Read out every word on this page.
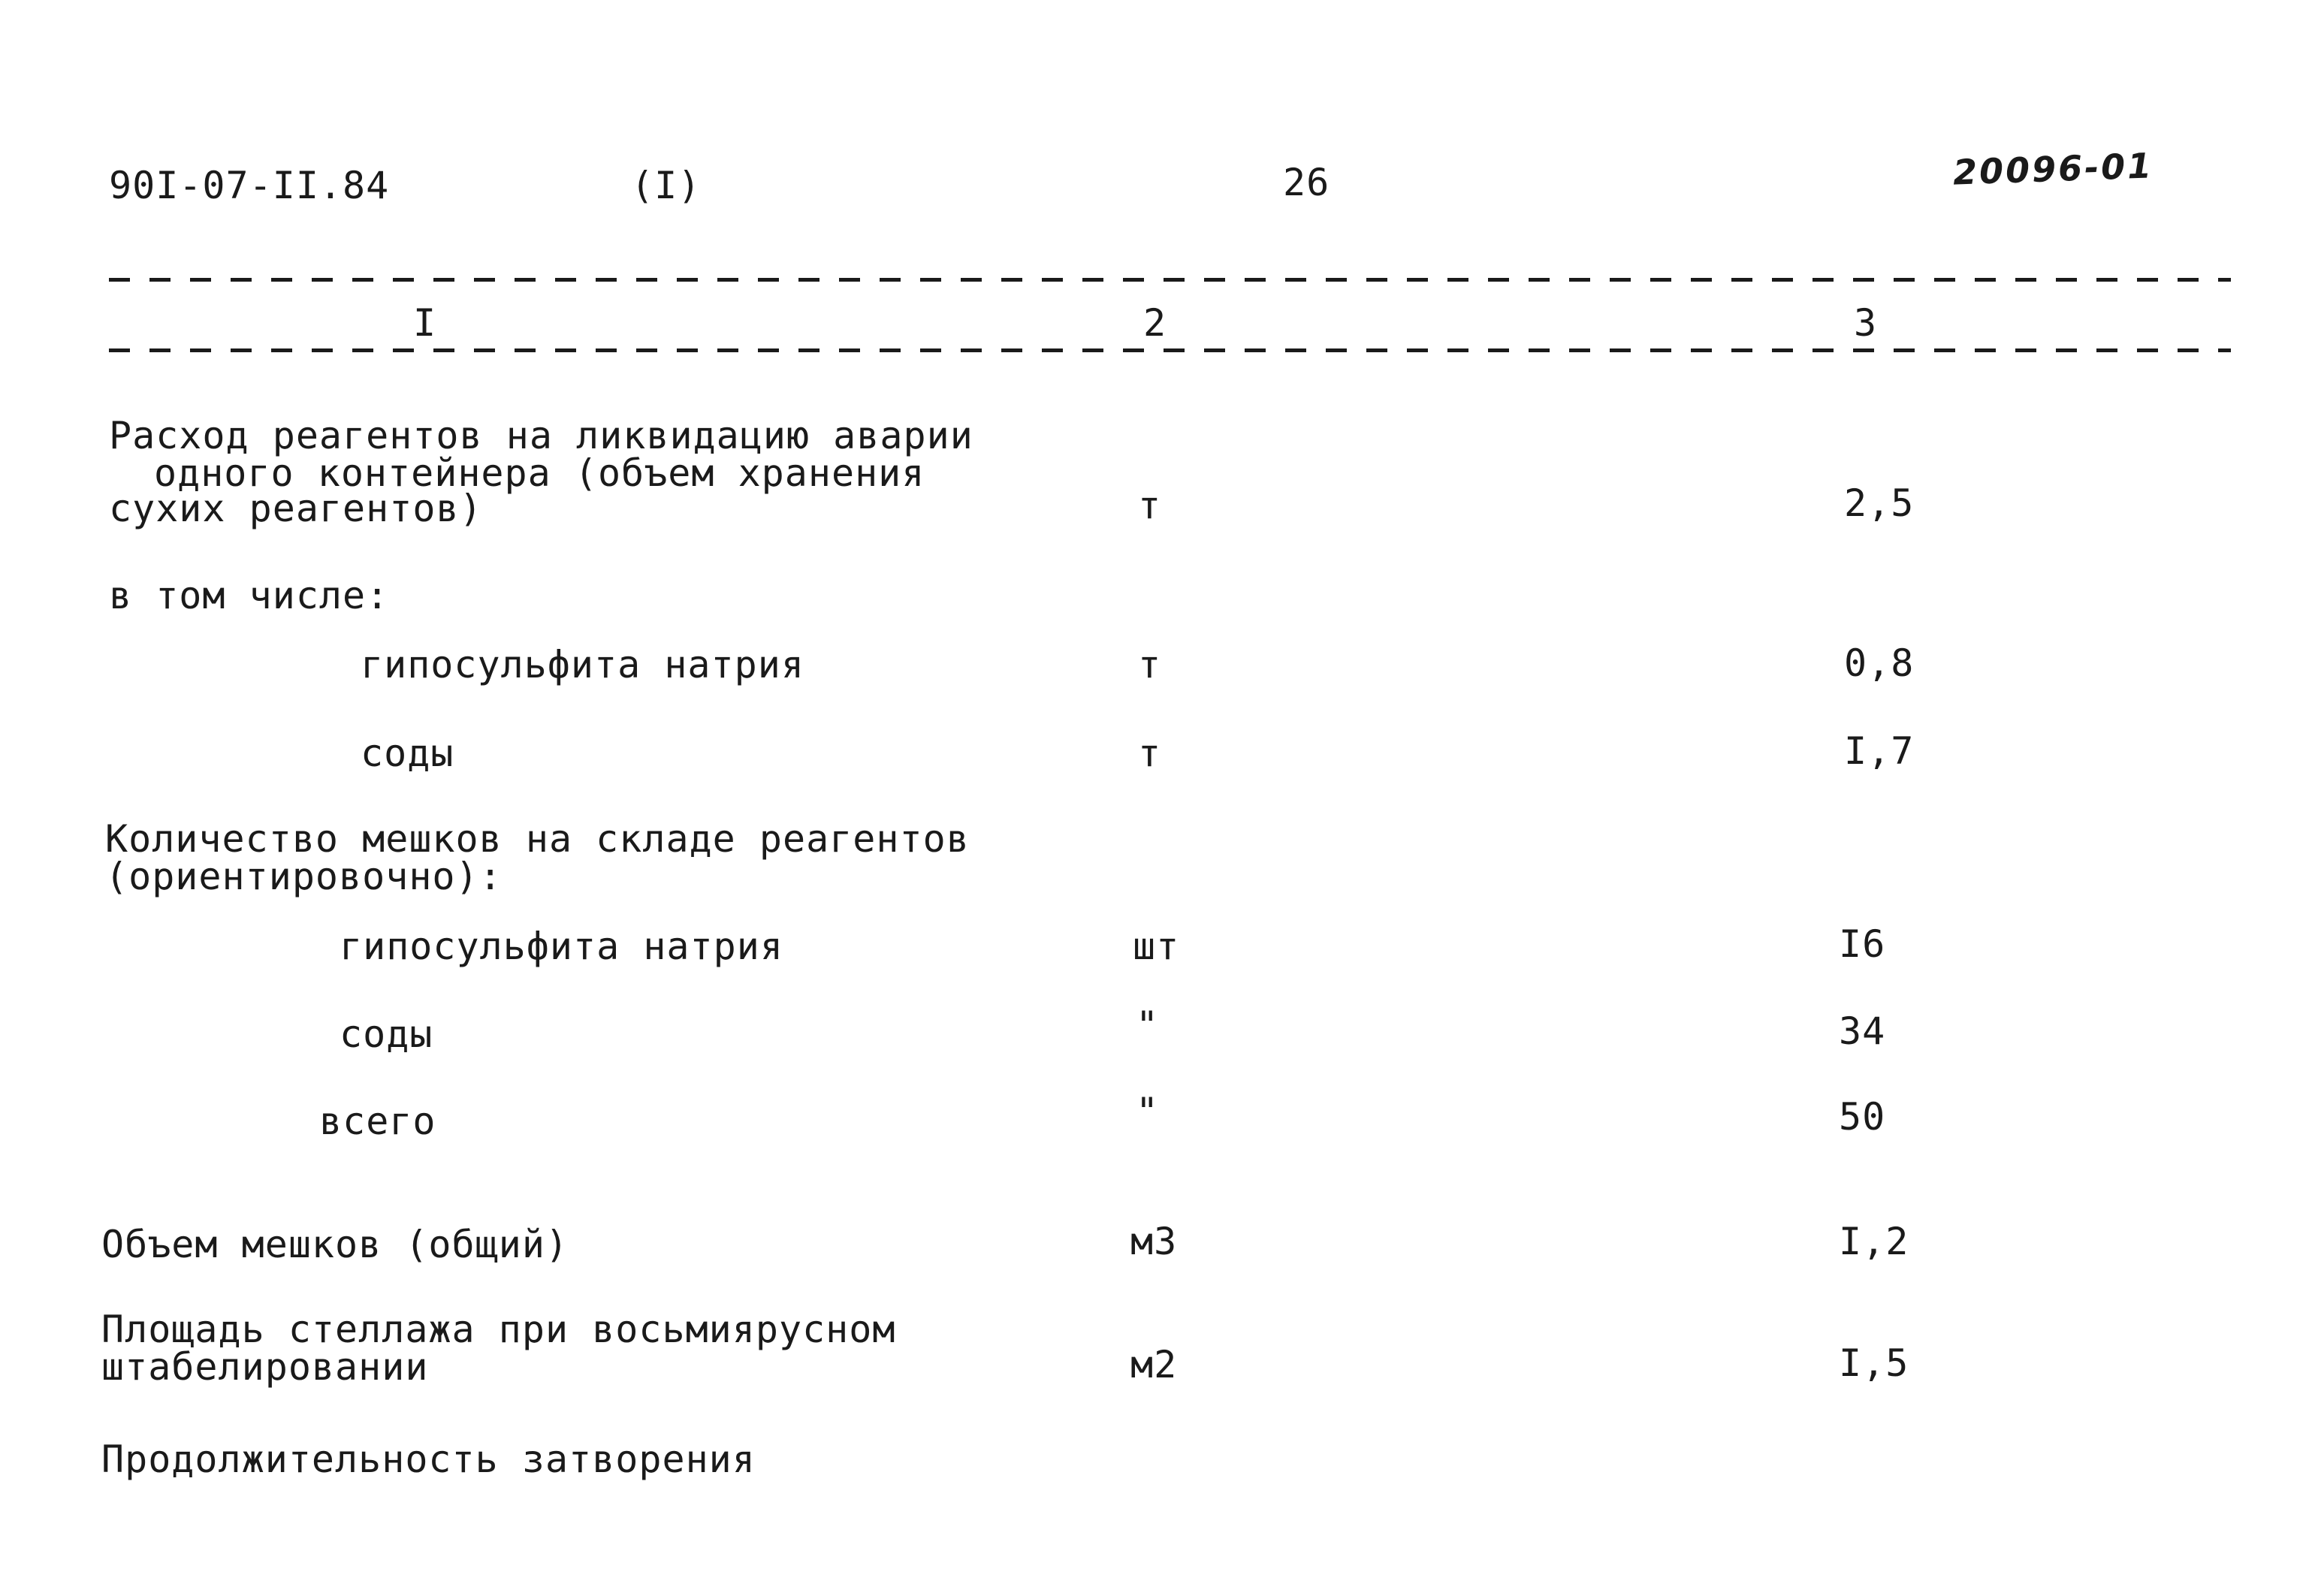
90I-07-II.84	(I)	26	20096-01
I	2	3
Расход реагентов на ликвидацию аварии
одного контейнера (объем хранения
сухих реагентов)	т	2,5
в том числе:
гипосульфита натрия	т	0,8
соды	т	I,7
Количество мешков на складе реагентов
(ориентировочно):
гипосульфита натрия	шт	I6
соды	"	34
всего	"	50
Объем мешков (общий)	м3	I,2
Площадь стеллажа при восьмиярусном
штабелировании	м2	I,5
Продолжительность затворения
